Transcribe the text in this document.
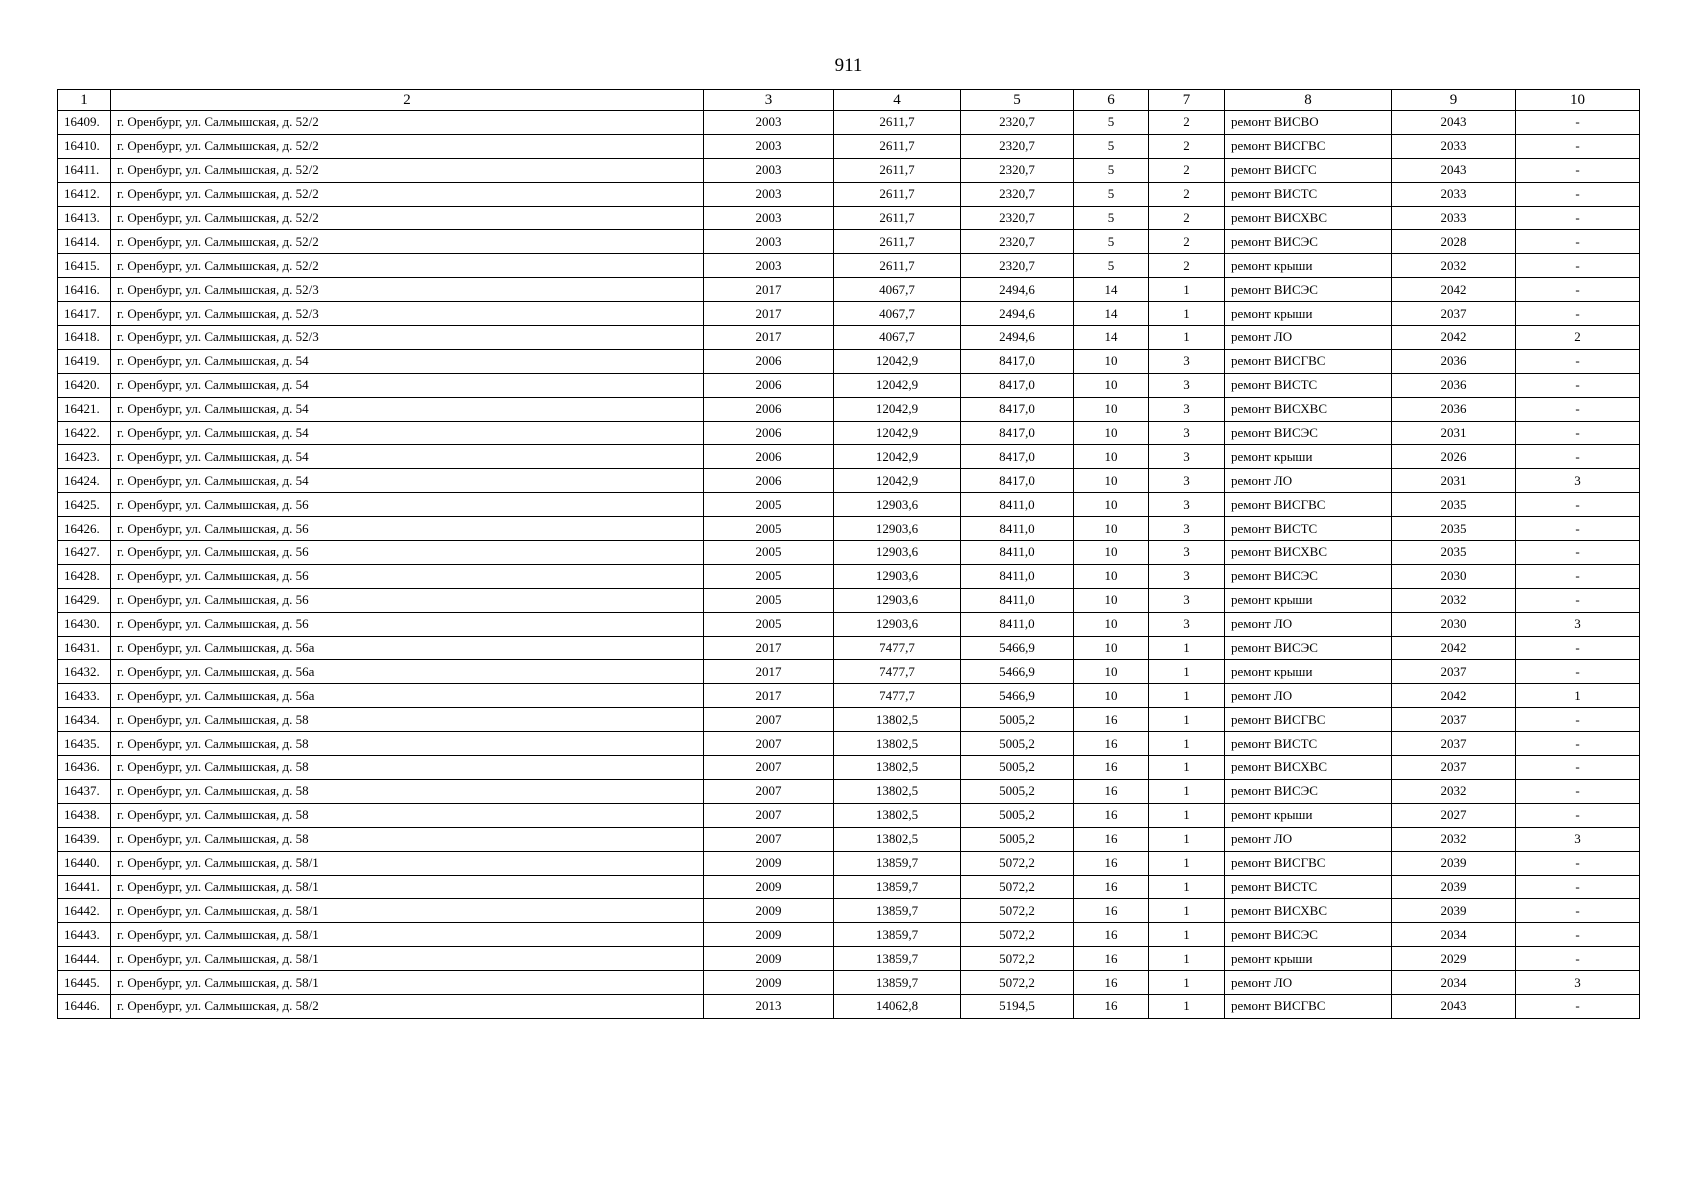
911
1	2	3	4	5	6	7	8	9	10
16409.	г. Оренбург, ул. Салмышская, д. 52/2	2003	2611,7	2320,7	5	2	ремонт ВИСВО	2043	-
16410.	г. Оренбург, ул. Салмышская, д. 52/2	2003	2611,7	2320,7	5	2	ремонт ВИСГВС	2033	-
16411.	г. Оренбург, ул. Салмышская, д. 52/2	2003	2611,7	2320,7	5	2	ремонт ВИСГС	2043	-
16412.	г. Оренбург, ул. Салмышская, д. 52/2	2003	2611,7	2320,7	5	2	ремонт ВИСТС	2033	-
16413.	г. Оренбург, ул. Салмышская, д. 52/2	2003	2611,7	2320,7	5	2	ремонт ВИСХВС	2033	-
16414.	г. Оренбург, ул. Салмышская, д. 52/2	2003	2611,7	2320,7	5	2	ремонт ВИСЭС	2028	-
16415.	г. Оренбург, ул. Салмышская, д. 52/2	2003	2611,7	2320,7	5	2	ремонт крыши	2032	-
16416.	г. Оренбург, ул. Салмышская, д. 52/3	2017	4067,7	2494,6	14	1	ремонт ВИСЭС	2042	-
16417.	г. Оренбург, ул. Салмышская, д. 52/3	2017	4067,7	2494,6	14	1	ремонт крыши	2037	-
16418.	г. Оренбург, ул. Салмышская, д. 52/3	2017	4067,7	2494,6	14	1	ремонт ЛО	2042	2
16419.	г. Оренбург, ул. Салмышская, д. 54	2006	12042,9	8417,0	10	3	ремонт ВИСГВС	2036	-
16420.	г. Оренбург, ул. Салмышская, д. 54	2006	12042,9	8417,0	10	3	ремонт ВИСТС	2036	-
16421.	г. Оренбург, ул. Салмышская, д. 54	2006	12042,9	8417,0	10	3	ремонт ВИСХВС	2036	-
16422.	г. Оренбург, ул. Салмышская, д. 54	2006	12042,9	8417,0	10	3	ремонт ВИСЭС	2031	-
16423.	г. Оренбург, ул. Салмышская, д. 54	2006	12042,9	8417,0	10	3	ремонт крыши	2026	-
16424.	г. Оренбург, ул. Салмышская, д. 54	2006	12042,9	8417,0	10	3	ремонт ЛО	2031	3
16425.	г. Оренбург, ул. Салмышская, д. 56	2005	12903,6	8411,0	10	3	ремонт ВИСГВС	2035	-
16426.	г. Оренбург, ул. Салмышская, д. 56	2005	12903,6	8411,0	10	3	ремонт ВИСТС	2035	-
16427.	г. Оренбург, ул. Салмышская, д. 56	2005	12903,6	8411,0	10	3	ремонт ВИСХВС	2035	-
16428.	г. Оренбург, ул. Салмышская, д. 56	2005	12903,6	8411,0	10	3	ремонт ВИСЭС	2030	-
16429.	г. Оренбург, ул. Салмышская, д. 56	2005	12903,6	8411,0	10	3	ремонт крыши	2032	-
16430.	г. Оренбург, ул. Салмышская, д. 56	2005	12903,6	8411,0	10	3	ремонт ЛО	2030	3
16431.	г. Оренбург, ул. Салмышская, д. 56а	2017	7477,7	5466,9	10	1	ремонт ВИСЭС	2042	-
16432.	г. Оренбург, ул. Салмышская, д. 56а	2017	7477,7	5466,9	10	1	ремонт крыши	2037	-
16433.	г. Оренбург, ул. Салмышская, д. 56а	2017	7477,7	5466,9	10	1	ремонт ЛО	2042	1
16434.	г. Оренбург, ул. Салмышская, д. 58	2007	13802,5	5005,2	16	1	ремонт ВИСГВС	2037	-
16435.	г. Оренбург, ул. Салмышская, д. 58	2007	13802,5	5005,2	16	1	ремонт ВИСТС	2037	-
16436.	г. Оренбург, ул. Салмышская, д. 58	2007	13802,5	5005,2	16	1	ремонт ВИСХВС	2037	-
16437.	г. Оренбург, ул. Салмышская, д. 58	2007	13802,5	5005,2	16	1	ремонт ВИСЭС	2032	-
16438.	г. Оренбург, ул. Салмышская, д. 58	2007	13802,5	5005,2	16	1	ремонт крыши	2027	-
16439.	г. Оренбург, ул. Салмышская, д. 58	2007	13802,5	5005,2	16	1	ремонт ЛО	2032	3
16440.	г. Оренбург, ул. Салмышская, д. 58/1	2009	13859,7	5072,2	16	1	ремонт ВИСГВС	2039	-
16441.	г. Оренбург, ул. Салмышская, д. 58/1	2009	13859,7	5072,2	16	1	ремонт ВИСТС	2039	-
16442.	г. Оренбург, ул. Салмышская, д. 58/1	2009	13859,7	5072,2	16	1	ремонт ВИСХВС	2039	-
16443.	г. Оренбург, ул. Салмышская, д. 58/1	2009	13859,7	5072,2	16	1	ремонт ВИСЭС	2034	-
16444.	г. Оренбург, ул. Салмышская, д. 58/1	2009	13859,7	5072,2	16	1	ремонт крыши	2029	-
16445.	г. Оренбург, ул. Салмышская, д. 58/1	2009	13859,7	5072,2	16	1	ремонт ЛО	2034	3
16446.	г. Оренбург, ул. Салмышская, д. 58/2	2013	14062,8	5194,5	16	1	ремонт ВИСГВС	2043	-
